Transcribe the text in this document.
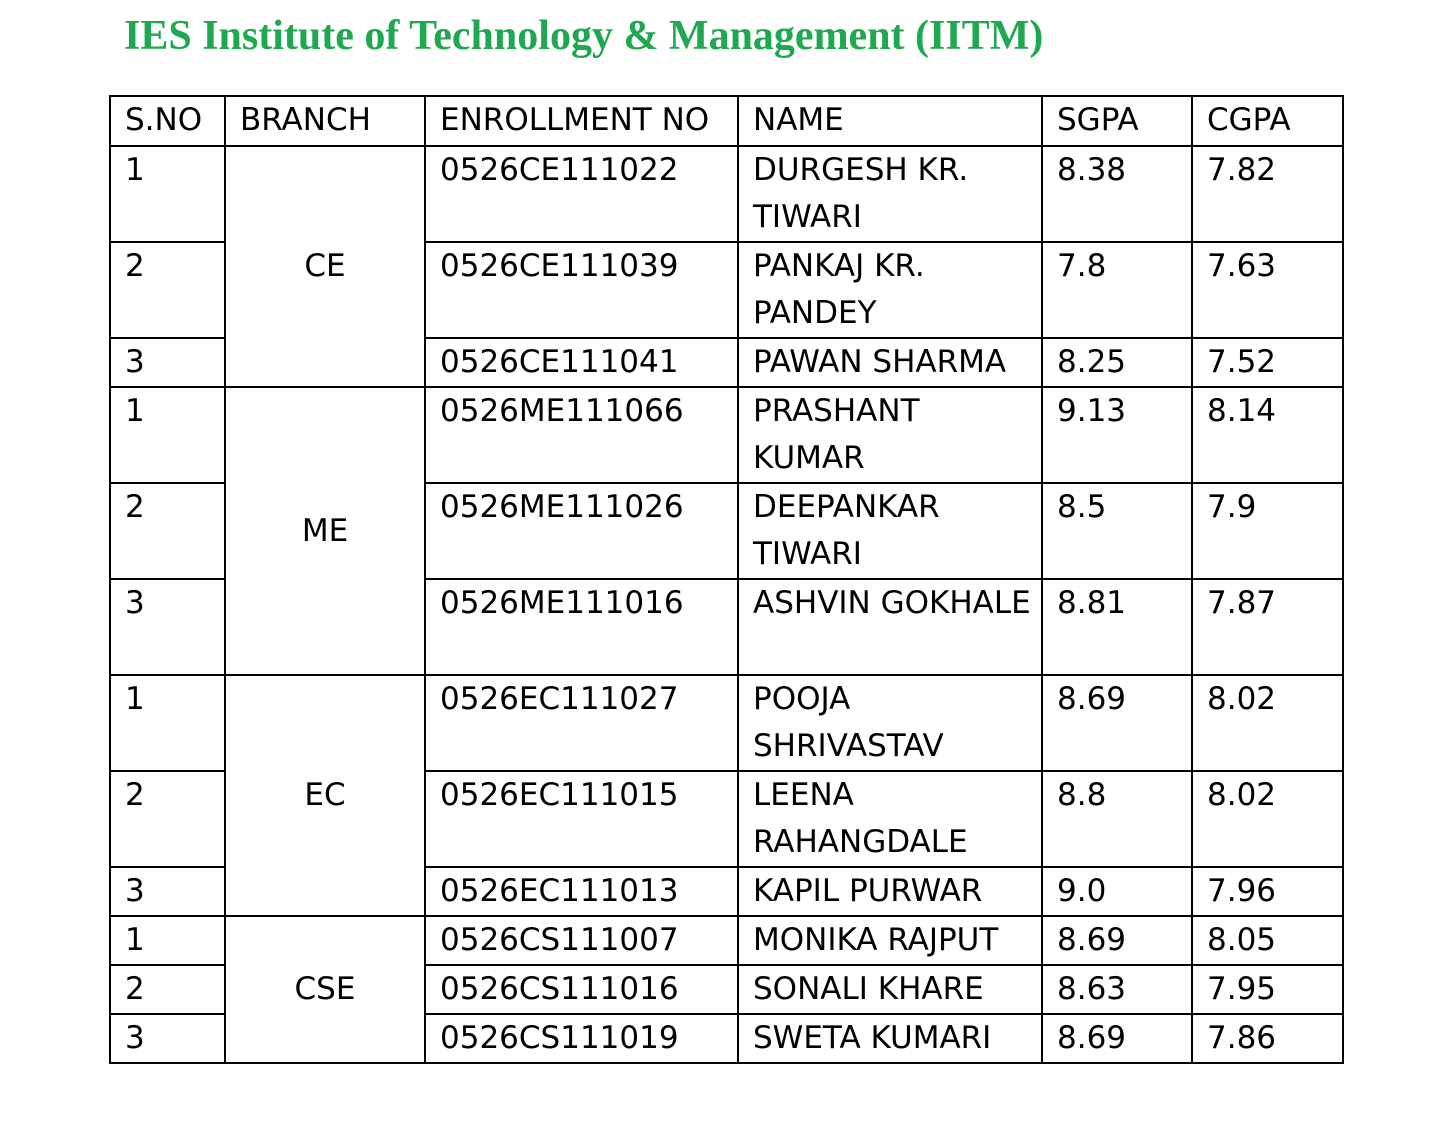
IES Institute of Technology & Management (IITM)
S.NO	BRANCH	ENROLLMENT NO	NAME	SGPA	CGPA
1	CE	0526CE111022	DURGESH KR. TIWARI	8.38	7.82
2		0526CE111039	PANKAJ KR. PANDEY	7.8	7.63
3		0526CE111041	PAWAN SHARMA	8.25	7.52
1	ME	0526ME111066	PRASHANT KUMAR	9.13	8.14
2		0526ME111026	DEEPANKAR TIWARI	8.5	7.9
3		0526ME111016	ASHVIN GOKHALE	8.81	7.87
1	EC	0526EC111027	POOJA SHRIVASTAV	8.69	8.02
2		0526EC111015	LEENA RAHANGDALE	8.8	8.02
3		0526EC111013	KAPIL PURWAR	9.0	7.96
1	CSE	0526CS111007	MONIKA RAJPUT	8.69	8.05
2		0526CS111016	SONALI KHARE	8.63	7.95
3		0526CS111019	SWETA KUMARI	8.69	7.86
